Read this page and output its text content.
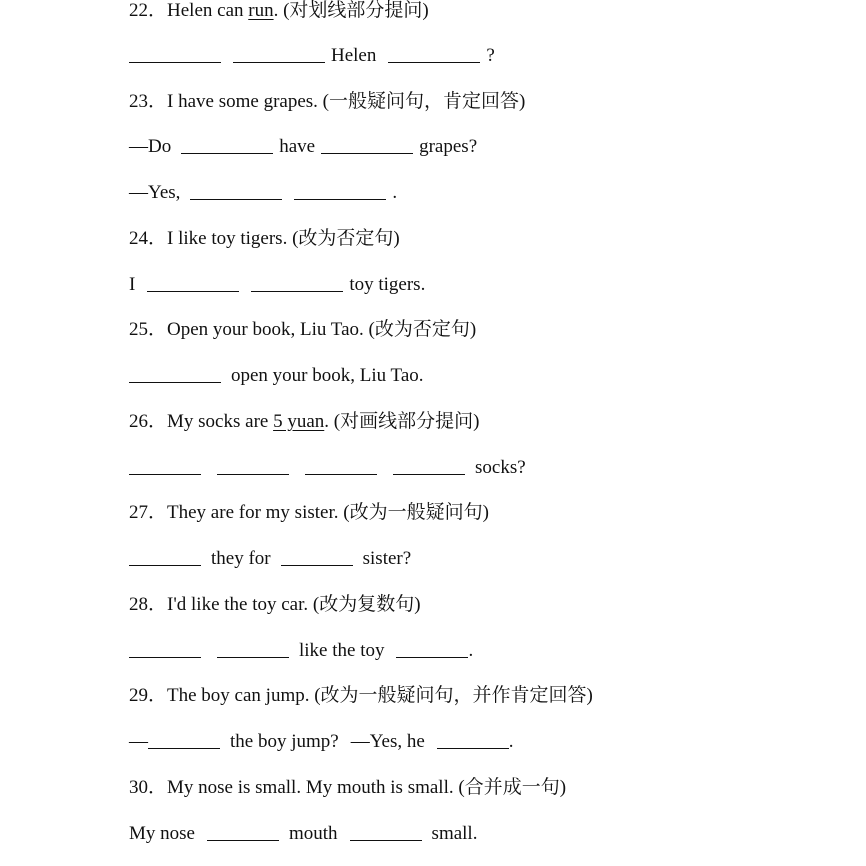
22． Helen can run . (对划线部分提问)
Helen	?
23． I have some grapes. (一般疑问句，肯定回答)
—Do	have	grapes?
—Yes,	.
24． I like toy tigers. (改为否定句)
I	toy tigers.
25． Open your book, Liu Tao. (改为否定句)
open your book, Liu Tao.
26． My socks are 5 yuan . (对画线部分提问)
socks?
27． They are for my sister. (改为一般疑问句)
they for	sister?
28． I'd like the toy car. (改为复数句)
like the toy	.
29． The boy can jump. (改为一般疑问句，并作肯定回答)
—	the boy jump? —Yes, he	.
30． My nose is small. My mouth is small. (合并成一句)
My nose	mouth	small.
